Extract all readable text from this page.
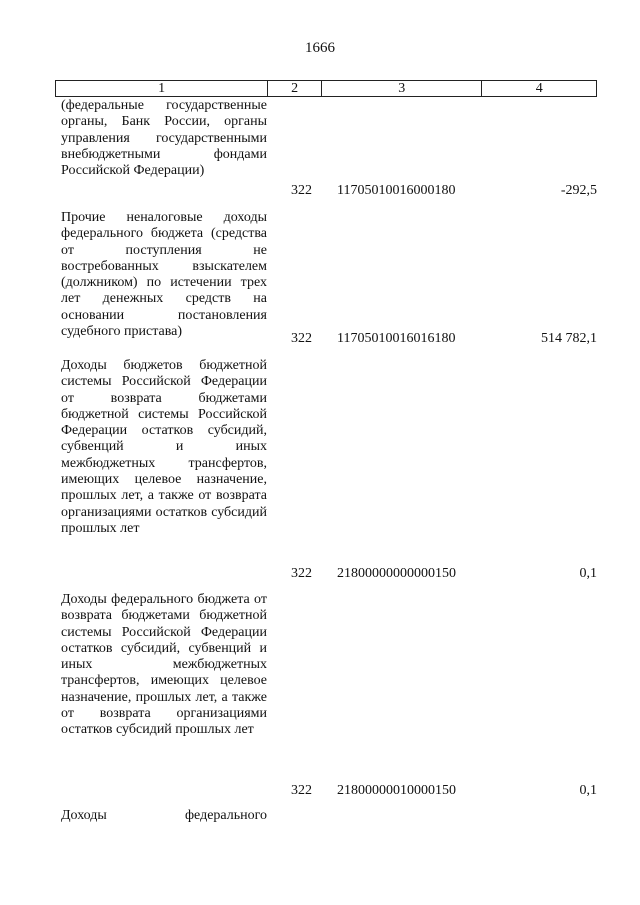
1666
1	2	3	4
(федеральные государственные органы, Банк России, органы управления государственными внебюджетными фондами Российской Федерации)
322 11705010016000180	-292,5
Прочие неналоговые доходы федерального бюджета (средства от поступления не востребованных взыскателем (должником) по истечении трех лет денежных средств на основании постановления судебного пристава)	322 11705010016016180	514 782,1
Доходы бюджетов бюджетной системы Российской Федерации от возврата бюджетами бюджетной системы Российской Федерации остатков субсидий, субвенций и иных межбюджетных трансфертов, имеющих целевое назначение, прошлых лет, а также от возврата организациями остатков субсидий прошлых лет
322 21800000000000150	0,1
Доходы федерального бюджета от возврата бюджетами бюджетной системы Российской Федерации остатков субсидий, субвенций и иных межбюджетных трансфертов, имеющих целевое назначение, прошлых лет, а также от возврата организациями остатков субсидий прошлых лет
322 21800000010000150	0,1
Доходы федерального
